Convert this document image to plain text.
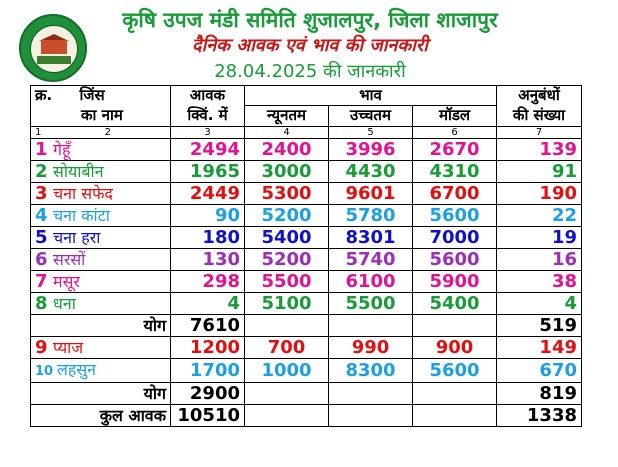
कृषि उपज मंडी समिति शुजालपुर, जिला शाजापुर
दैनिक आवक एवं भाव की जानकारी
28.04.2025 की जानकारी
क्र. जिंस	आवक	भाव			अनुबंधों
का नाम	क्विं. में	न्यूनतम	उच्चतम	मॉडल	की संख्या
1 2	3	4	5	6	7
1 गेहूँ	2494	2400	3996	2670	139
2 सोयाबीन	1965	3000	4430	4310	91
3 चना सफेद	2449	5300	9601	6700	190
4 चना कांटा	90	5200	5780	5600	22
5 चना हरा	180	5400	8301	7000	19
6 सरसों	130	5200	5740	5600	16
7 मसूर	298	5500	6100	5900	38
8 धना	4	5100	5500	5400	4
योग	7610				519
9 प्याज	1200	700	990	900	149
10 लहसुन	1700	1000	8300	5600	670
योग	2900				819
कुल आवक	10510				1338
